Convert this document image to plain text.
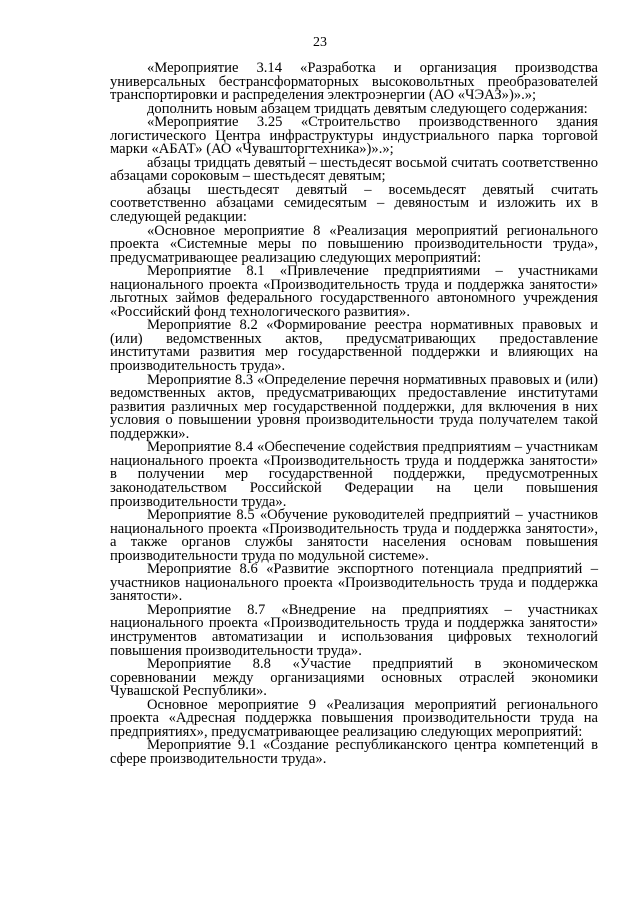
23

«Мероприятие 3.14 «Разработка и организация производства универсальных бестрансформаторных высоковольтных преобразователей транспортировки и распределения электроэнергии (АО «ЧЭАЗ»)».»;

дополнить новым абзацем тридцать девятым следующего содержания:

«Мероприятие 3.25 «Строительство производственного здания логистического Центра инфраструктуры индустриального парка торговой марки «АБАТ» (АО «Чувашторгтехника»)».»;

абзацы тридцать девятый – шестьдесят восьмой считать соответственно абзацами сороковым – шестьдесят девятым;

абзацы шестьдесят девятый – восемьдесят девятый считать соответственно абзацами семидесятым – девяностым и изложить их в следующей редакции:

«Основное мероприятие 8 «Реализация мероприятий регионального проекта «Системные меры по повышению производительности труда», предусматривающее реализацию следующих мероприятий:

Мероприятие 8.1 «Привлечение предприятиями – участниками национального проекта «Производительность труда и поддержка занятости» льготных займов федерального государственного автономного учреждения «Российский фонд технологического развития».

Мероприятие 8.2 «Формирование реестра нормативных правовых и (или) ведомственных актов, предусматривающих предоставление институтами развития мер государственной поддержки и влияющих на производительность труда».

Мероприятие 8.3 «Определение перечня нормативных правовых и (или) ведомственных актов, предусматривающих предоставление институтами развития различных мер государственной поддержки, для включения в них условия о повышении уровня производительности труда получателем такой поддержки».

Мероприятие 8.4 «Обеспечение содействия предприятиям – участникам национального проекта «Производительность труда и поддержка занятости» в получении мер государственной поддержки, предусмотренных законодательством Российской Федерации на цели повышения производительности труда».

Мероприятие 8.5 «Обучение руководителей предприятий – участников национального проекта «Производительность труда и поддержка занятости», а также органов службы занятости населения основам повышения производительности труда по модульной системе».

Мероприятие 8.6 «Развитие экспортного потенциала предприятий – участников национального проекта «Производительность труда и поддержка занятости».

Мероприятие 8.7 «Внедрение на предприятиях – участниках национального проекта «Производительность труда и поддержка занятости» инструментов автоматизации и использования цифровых технологий повышения производительности труда».

Мероприятие 8.8 «Участие предприятий в экономическом соревновании между организациями основных отраслей экономики Чувашской Республики».

Основное мероприятие 9 «Реализация мероприятий регионального проекта «Адресная поддержка повышения производительности труда на предприятиях», предусматривающее реализацию следующих мероприятий:

Мероприятие 9.1 «Создание республиканского центра компетенций в сфере производительности труда».
